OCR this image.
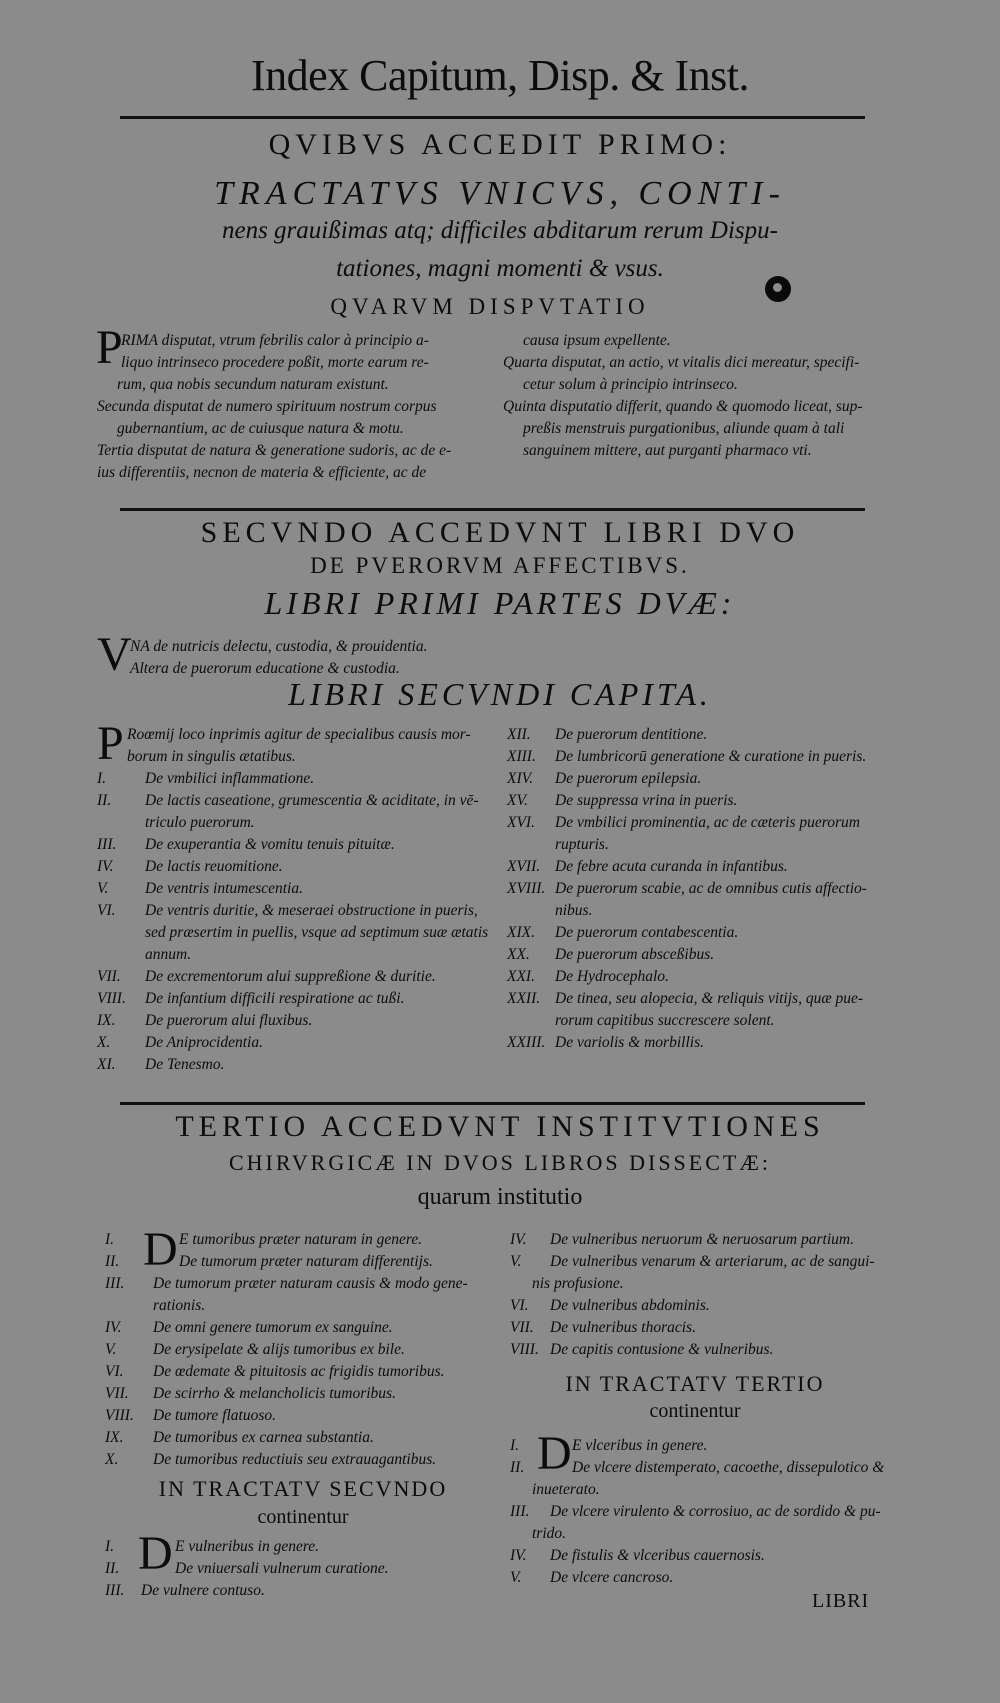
Index Capitum, Disp. & Inst.
QVIBVS ACCEDIT PRIMO:
TRACTATVS VNICVS, CONTI-
nens grauißimas atq; difficiles abditarum rerum Dispu-
tationes, magni momenti & vsus.
QVARVM DISPVTATIO
P
RIMA disputat, vtrum febrilis calor à principio a-
liquo intrinseco procedere poßit, morte earum re-
rum, qua nobis secundum naturam existunt.
Secunda disputat de numero spirituum nostrum corpus
gubernantium, ac de cuiusque natura & motu.
Tertia disputat de natura & generatione sudoris, ac de e-
ius differentiis, necnon de materia & efficiente, ac de
causa ipsum expellente.
Quarta disputat, an actio, vt vitalis dici mereatur, specifi-
cetur solum à principio intrinseco.
Quinta disputatio differit, quando & quomodo liceat, sup-
preßis menstruis purgationibus, aliunde quam à tali
sanguinem mittere, aut purganti pharmaco vti.
SECVNDO ACCEDVNT LIBRI DVO
DE PVERORVM AFFECTIBVS.
LIBRI PRIMI PARTES DVÆ:
V
NA de nutricis delectu, custodia, & prouidentia.
Altera de puerorum educatione & custodia.
LIBRI SECVNDI CAPITA.
P Roœmij loco inprimis agitur de specialibus causis mor-
borum in singulis ætatibus.
I.	De vmbilici inflammatione.
II. De lactis caseatione, grumescentia & aciditate, in vē-
triculo puerorum.
III. De exuperantia & vomitu tenuis pituitæ.
IV. De lactis reuomitione.
V. De ventris intumescentia.
VI. De ventris duritie, & meseraei obstructione in pueris,
sed præsertim in puellis, vsque ad septimum suæ ætatis
annum.
VII. De excrementorum alui suppreßione & duritie.
VIII. De infantium difficili respiratione ac tußi.
IX. De puerorum alui fluxibus.
X. De Aniprocidentia.
XI. De Tenesmo.
XII. De puerorum dentitione.
XIII. De lumbricorū generatione & curatione in pueris.
XIV. De puerorum epilepsia.
XV. De suppressa vrina in pueris.
XVI. De vmbilici prominentia, ac de cæteris puerorum
rupturis.
XVII. De febre acuta curanda in infantibus.
XVIII. De puerorum scabie, ac de omnibus cutis affectio-
nibus.
XIX. De puerorum contabescentia.
XX. De puerorum absceßibus.
XXI. De Hydrocephalo.
XXII. De tinea, seu alopecia, & reliquis vitijs, quæ pue-
rorum capitibus succrescere solent.
XXIII. De variolis & morbillis.
TERTIO ACCEDVNT INSTITVTIONES
CHIRVRGICÆ IN DVOS LIBROS DISSECTÆ:
quarum institutio
D
I.	E tumoribus præter naturam in genere.
II.	De tumorum præter naturam differentijs.
III. De tumorum præter naturam causis & modo gene-
rationis.
IV. De omni genere tumorum ex sanguine.
V. De erysipelate & alijs tumoribus ex bile.
VI. De œdemate & pituitosis ac frigidis tumoribus.
VII. De scirrho & melancholicis tumoribus.
VIII. De tumore flatuoso.
IX. De tumoribus ex carnea substantia.
X. De tumoribus reductiuis seu extrauagantibus.
IN TRACTATV SECVNDO
continentur
D
I.	E vulneribus in genere.
II.	De vniuersali vulnerum curatione.
III. De vulnere contuso.
IV. De vulneribus neruorum & neruosarum partium.
V. De vulneribus venarum & arteriarum, ac de sangui-
nis profusione.
VI. De vulneribus abdominis.
VII. De vulneribus thoracis.
VIII. De capitis contusione & vulneribus.
IN TRACTATV TERTIO
continentur
D
I.	E vlceribus in genere.
II.	De vlcere distemperato, cacoethe, dissepulotico &
inueterato.
III. De vlcere virulento & corrosiuo, ac de sordido & pu-
trido.
IV. De fistulis & vlceribus cauernosis.
V. De vlcere cancroso.
LIBRI
